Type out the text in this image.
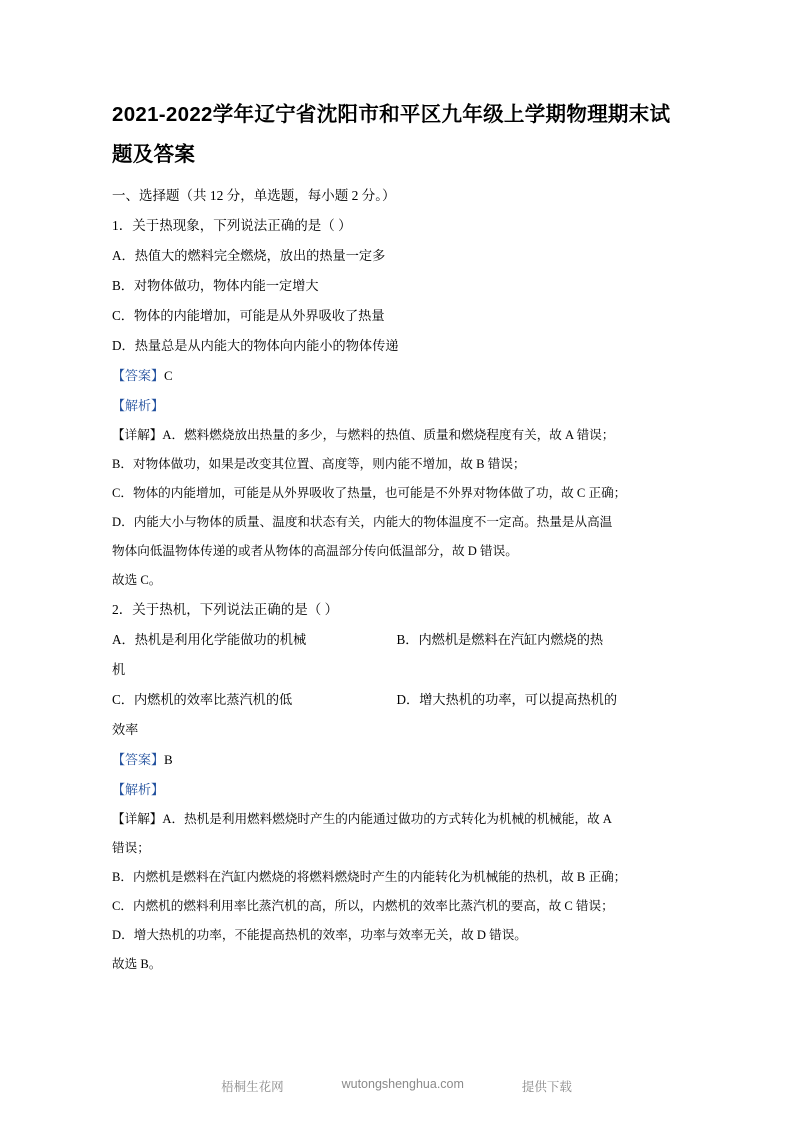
2021-2022学年辽宁省沈阳市和平区九年级上学期物理期末试题及答案

一、选择题（共 12 分，单选题，每小题 2 分。）

1．关于热现象，下列说法正确的是（ ）

A．热值大的燃料完全燃烧，放出的热量一定多

B．对物体做功，物体内能一定增大

C．物体的内能增加，可能是从外界吸收了热量

D．热量总是从内能大的物体向内能小的物体传递

【答案】C

【解析】

【详解】A．燃料燃烧放出热量的多少，与燃料的热值、质量和燃烧程度有关，故 A 错误；

B．对物体做功，如果是改变其位置、高度等，则内能不增加，故 B 错误；

C．物体的内能增加，可能是从外界吸收了热量，也可能是不外界对物体做了功，故 C 正确；

D．内能大小与物体的质量、温度和状态有关，内能大的物体温度不一定高。热量是从高温

物体向低温物体传递的或者从物体的高温部分传向低温部分，故 D 错误。

故选 C。

2．关于热机，下列说法正确的是（ ）

A．热机是利用化学能做功的机械	B．内燃机是燃料在汽缸内燃烧的热

机

C．内燃机的效率比蒸汽机的低	D．增大热机的功率，可以提高热机的

效率

【答案】B

【解析】

【详解】A．热机是利用燃料燃烧时产生的内能通过做功的方式转化为机械的机械能，故 A

错误；

B．内燃机是燃料在汽缸内燃烧的将燃料燃烧时产生的内能转化为机械能的热机，故 B 正确；

C．内燃机的燃料利用率比蒸汽机的高，所以，内燃机的效率比蒸汽机的要高，故 C 错误；

D．增大热机的功率，不能提高热机的效率，功率与效率无关，故 D 错误。

故选 B。

梧桐生花网	wutongshenghua.com	提供下载
